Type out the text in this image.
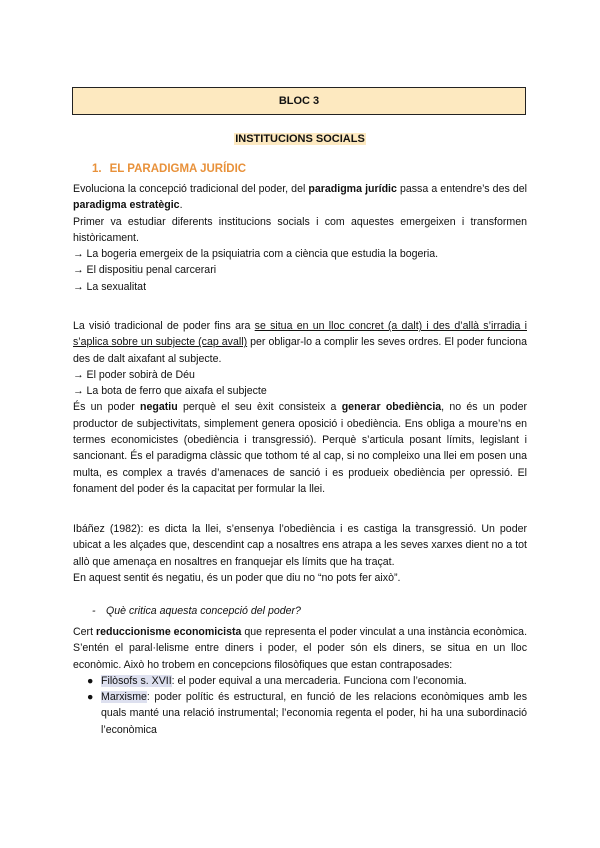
BLOC 3
INSTITUCIONS SOCIALS
1. EL PARADIGMA JURÍDIC

Evoluciona la concepció tradicional del poder, del paradigma jurídic passa a entendre’s des del paradigma estratègic.

Primer va estudiar diferents institucions socials i com aquestes emergeixen i transformen històricament.

→ La bogeria emergeix de la psiquiatria com a ciència que estudia la bogeria.
→ El dispositiu penal carcerari
→ La sexualitat

La visió tradicional de poder fins ara se situa en un lloc concret (a dalt) i des d’allà s’irradia i s’aplica sobre un subjecte (cap avall) per obligar-lo a complir les seves ordres. El poder funciona des de dalt aixafant al subjecte.

→ El poder sobirà de Déu
→ La bota de ferro que aixafa el subjecte

És un poder negatiu perquè el seu èxit consisteix a generar obediència, no és un poder productor de subjectivitats, simplement genera oposició i obediència. Ens obliga a moure’ns en termes economicistes (obediència i transgressió). Perquè s’articula posant límits, legislant i sancionant. És el paradigma clàssic que tothom té al cap, si no compleixo una llei em posen una multa, es complex a través d’amenaces de sanció i es produeix obediència per opressió. El fonament del poder és la capacitat per formular la llei.

Ibáñez (1982): es dicta la llei, s’ensenya l’obediència i es castiga la transgressió. Un poder ubicat a les alçades que, descendint cap a nosaltres ens atrapa a les seves xarxes dient no a tot allò que amenaça en nosaltres en franquejar els límits que ha traçat.

En aquest sentit és negatiu, és un poder que diu no “no pots fer això”.

- Què critica aquesta concepció del poder?

Cert reduccionisme economicista que representa el poder vinculat a una instància econòmica. S’entén el paral·lelisme entre diners i poder, el poder són els diners, se situa en un lloc econòmic. Això ho trobem en concepcions filosòfiques que estan contraposades:

● Filòsofs s. XVII: el poder equival a una mercaderia. Funciona com l’economia.

● Marxisme: poder polític és estructural, en funció de les relacions econòmiques amb les quals manté una relació instrumental; l’economia regenta el poder, hi ha una subordinació l’econòmica
